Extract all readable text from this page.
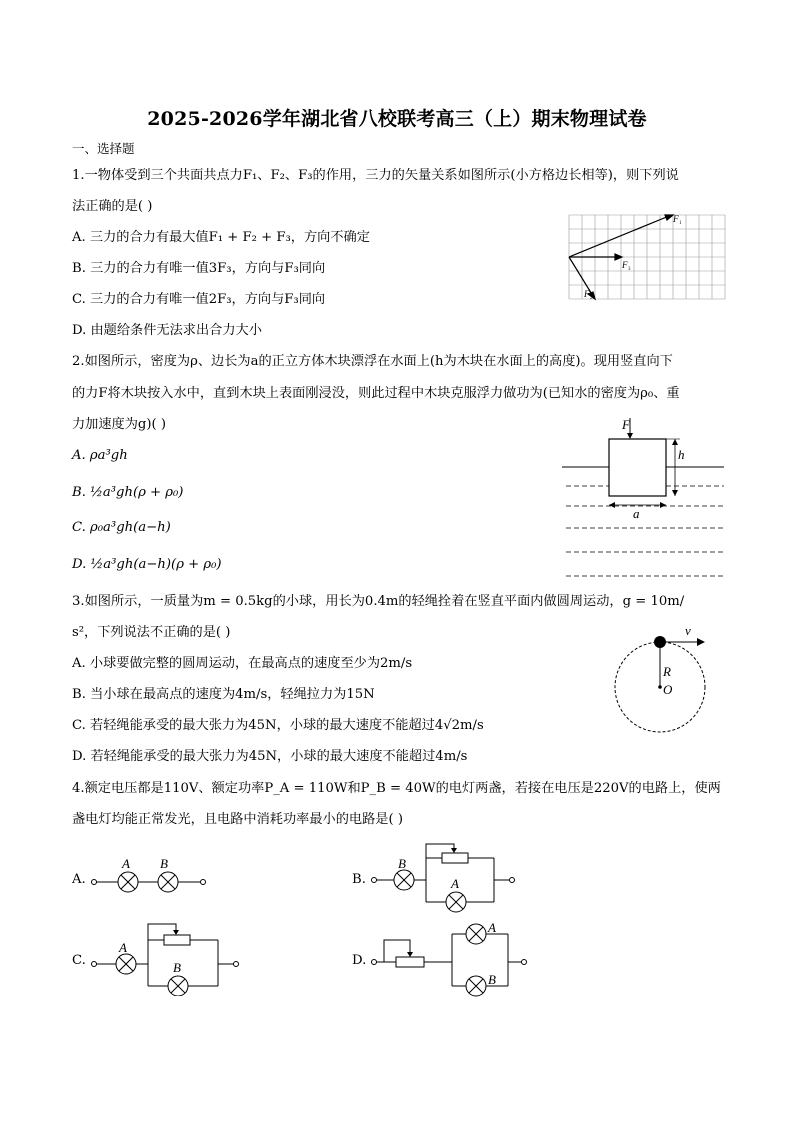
2025-2026学年湖北省八校联考高三（上）期末物理试卷
一、选择题
1.一物体受到三个共面共点力F₁、F₂、F₃的作用，三力的矢量关系如图所示(小方格边长相等)，则下列说
法正确的是( )
A. 三力的合力有最大值F₁ + F₂ + F₃，方向不确定
B. 三力的合力有唯一值3F₃，方向与F₃同向
C. 三力的合力有唯一值2F₃，方向与F₃同向
D. 由题给条件无法求出合力大小
F 1
F 3
F 2
2.如图所示，密度为ρ、边长为a的正立方体木块漂浮在水面上(h为木块在水面上的高度)。现用竖直向下
的力F将木块按入水中，直到木块上表面刚浸没，则此过程中木块克服浮力做功为(已知水的密度为ρ₀、重
力加速度为g)( )
A. ρa³gh
B. ½a³gh(ρ + ρ₀)
C. ρ₀a³gh(a−h)
D. ½a³gh(a−h)(ρ + ρ₀)
F
h
a
3.如图所示，一质量为m = 0.5kg的小球，用长为0.4m的轻绳拴着在竖直平面内做圆周运动，g = 10m/
s²，下列说法不正确的是( )
A. 小球要做完整的圆周运动，在最高点的速度至少为2m/s
B. 当小球在最高点的速度为4m/s，轻绳拉力为15N
C. 若轻绳能承受的最大张力为45N，小球的最大速度不能超过4√2m/s
D. 若轻绳能承受的最大张力为45N，小球的最大速度不能超过4m/s
v
R
O
4.额定电压都是110V、额定功率P_A = 110W和P_B = 40W的电灯两盏，若接在电压是220V的电路上，使两
盏电灯均能正常发光，且电路中消耗功率最小的电路是( )
A.
A B
B.
B
A
C.
A
B	D.
A
B
